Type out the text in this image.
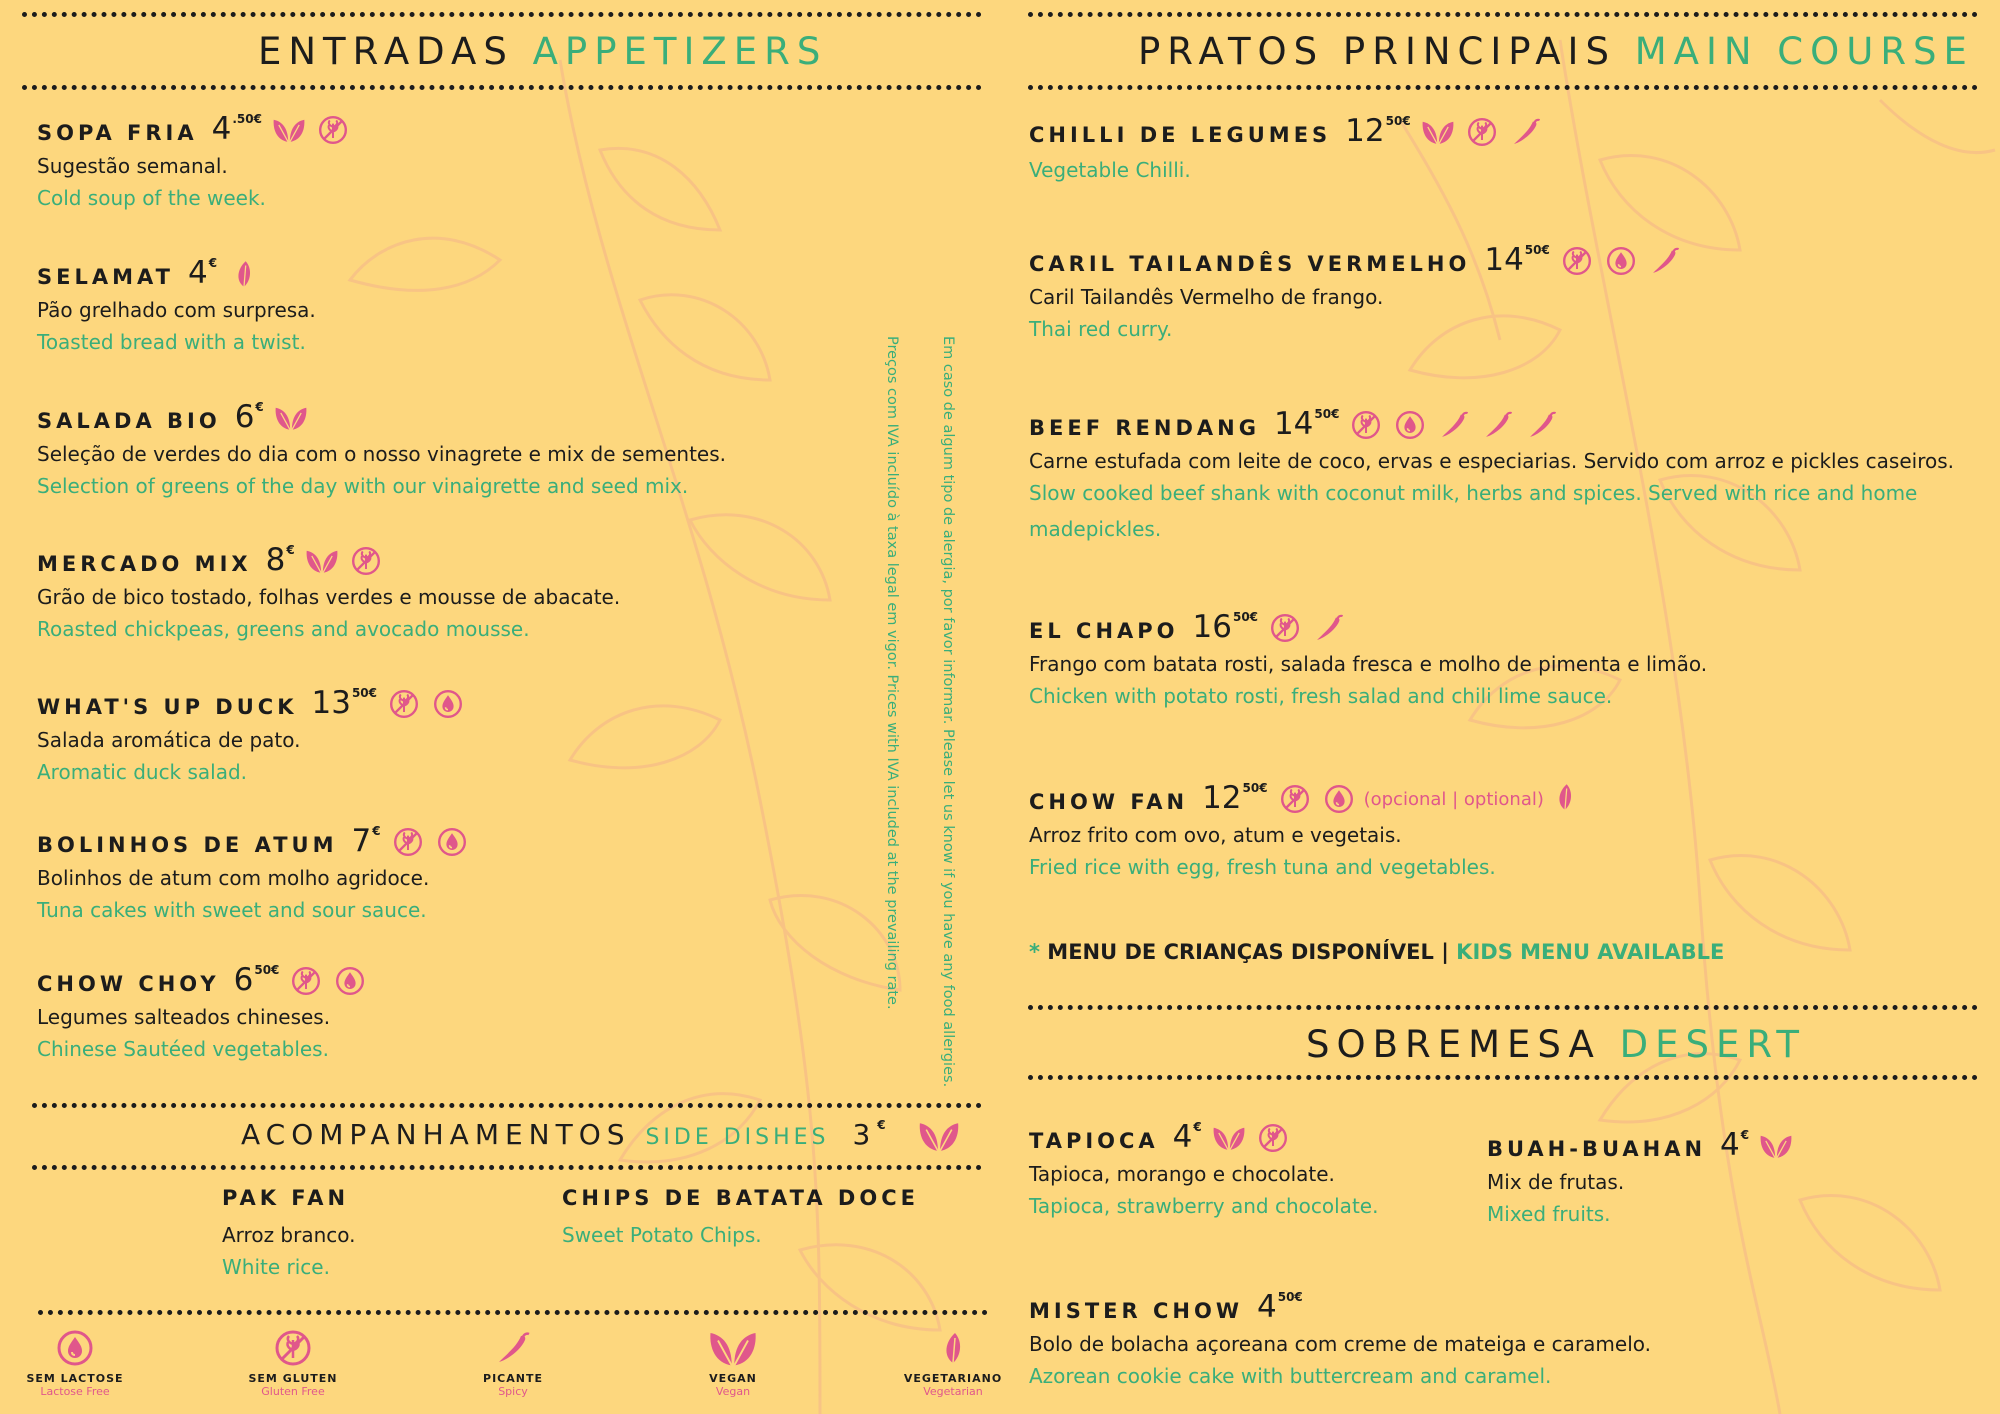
ENTRADAS APPETIZERS
SOPA FRIA $4^{.50€}$
Sugestão semanal.
Cold soup of the week.
SELAMAT 4€
Pão grelhado com surpresa.
Toasted bread with a twist.
SALADA BIO 6€
Seleção de verdes do dia com o nosso vinagrete e mix de sementes.
Selection of greens of the day with our vinaigrette and seed mix.
MERCADO MIX 8€
Grão de bico tostado, folhas verdes e mousse de abacate.
Roasted chickpeas, greens and avocado mousse.
WHAT'S UP DUCK $13^{50€}$
Salada aromática de pato.
Aromatic duck salad.
BOLINHOS DE ATUM 7€
Bolinhos de atum com molho agridoce.
Tuna cakes with sweet and sour sauce.
CHOW CHOY $6^{50€}$
Legumes salteados chineses.
Chinese Sautéed vegetables.
ACOMPANHAMENTOS SIDE DISHES 3€
PAK FAN
Arroz branco.
White rice.
CHIPS DE BATATA DOCE
Sweet Potato Chips.
SEM LACTOSE
Lactose Free
SEM GLUTEN
Gluten Free
PICANTE
Spicy
VEGAN
Vegan
VEGETARIANO
Vegetarian
Em caso de algum tipo de alergia, por favor informar. Please let us know if you have any food allergies.
Preços com IVA incluído à taxa legal em vigor. Prices with IVA included at the prevailing rate.
PRATOS PRINCIPAIS MAIN COURSE
CHILLI DE LEGUMES $12^{50€}$
Vegetable Chilli.
CARIL TAILANDÊS VERMELHO $14^{50€}$
Caril Tailandês Vermelho de frango.
Thai red curry.
BEEF RENDANG $14^{50€}$
Carne estufada com leite de coco, ervas e especiarias. Servido com arroz e pickles caseiros.
Slow cooked beef shank with coconut milk, herbs and spices. Served with rice and home madepickles.
EL CHAPO $16^{50€}$
Frango com batata rosti, salada fresca e molho de pimenta e limão.
Chicken with potato rosti, fresh salad and chili lime sauce.
CHOW FAN $12^{50€}$
(opcional | optional)
Arroz frito com ovo, atum e vegetais.
Fried rice with egg, fresh tuna and vegetables.
* MENU DE CRIANÇAS DISPONÍVEL | KIDS MENU AVAILABLE
SOBREMESA DESERT
TAPIOCA 4€
Tapioca, morango e chocolate.
Tapioca, strawberry and chocolate.
BUAH-BUAHAN 4€
Mix de frutas.
Mixed fruits.
MISTER CHOW $4^{50€}$
Bolo de bolacha açoreana com creme de mateiga e caramelo.
Azorean cookie cake with buttercream and caramel.
